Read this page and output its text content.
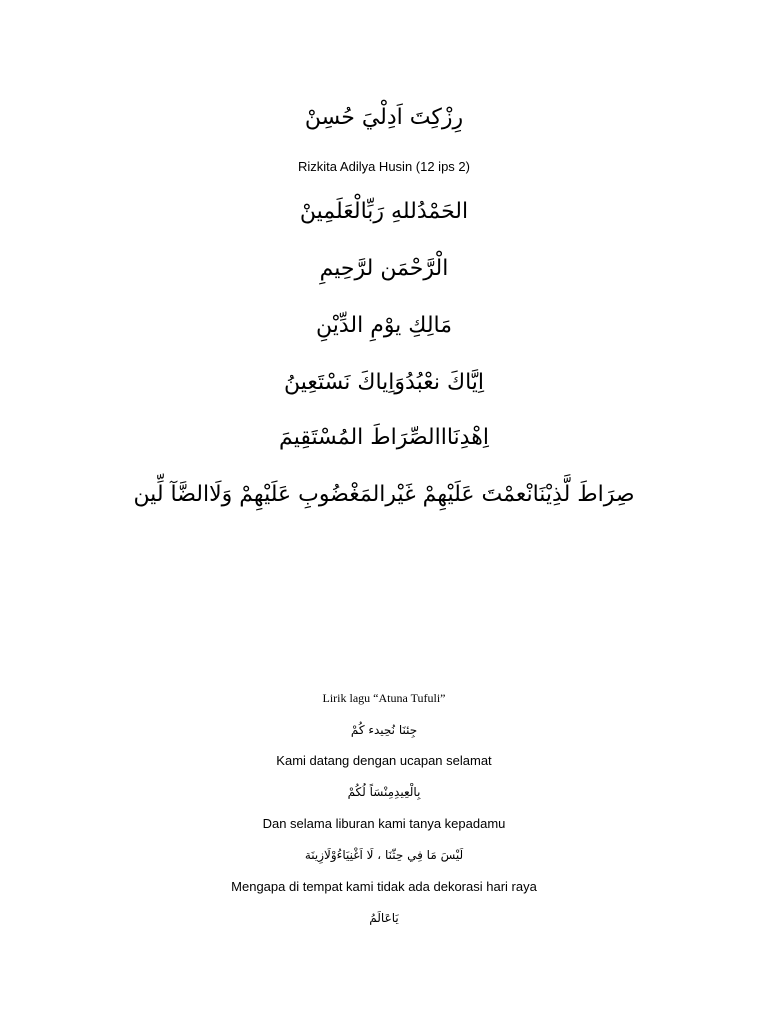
رِزْكِتَ اَدِلْيَ حُسِنْ
Rizkita Adilya Husin (12 ips 2)
الحَمْدُللهِ رَبِّالْعَلَمِينْ
الْرَّحْمَن لرَّحِيمِ
مَالِكِ يوْمِ الدِّيْنِ
اِيَّاكَ نعْبُدُوَاِياكَ نَسْتَعِينُ
اِهْدِنَااالصِّرَاطَ المُسْتَقِيمَ
صِرَاطَ لَّذِيْنَانْعمْتَ عَلَيْهِمْ غَيْرالمَغْضُوبِ عَلَيْهِمْ وَلَاالضَّآ لِّين
Lirik lagu “Atuna Tufuli”
جِئنَا نُحِيدء كُمْ
Kami datang dengan ucapan selamat
بِالْعِيدِمِنْسَاً لُكُمْ
Dan selama liburan kami tanya kepadamu
لَيْسَ مَا فِي حِثّنَا ، لَا اَغْنِيَاءُوْلَازِينَة
Mengapa di tempat kami tidak ada dekorasi hari raya
يَاعَالَمُ
